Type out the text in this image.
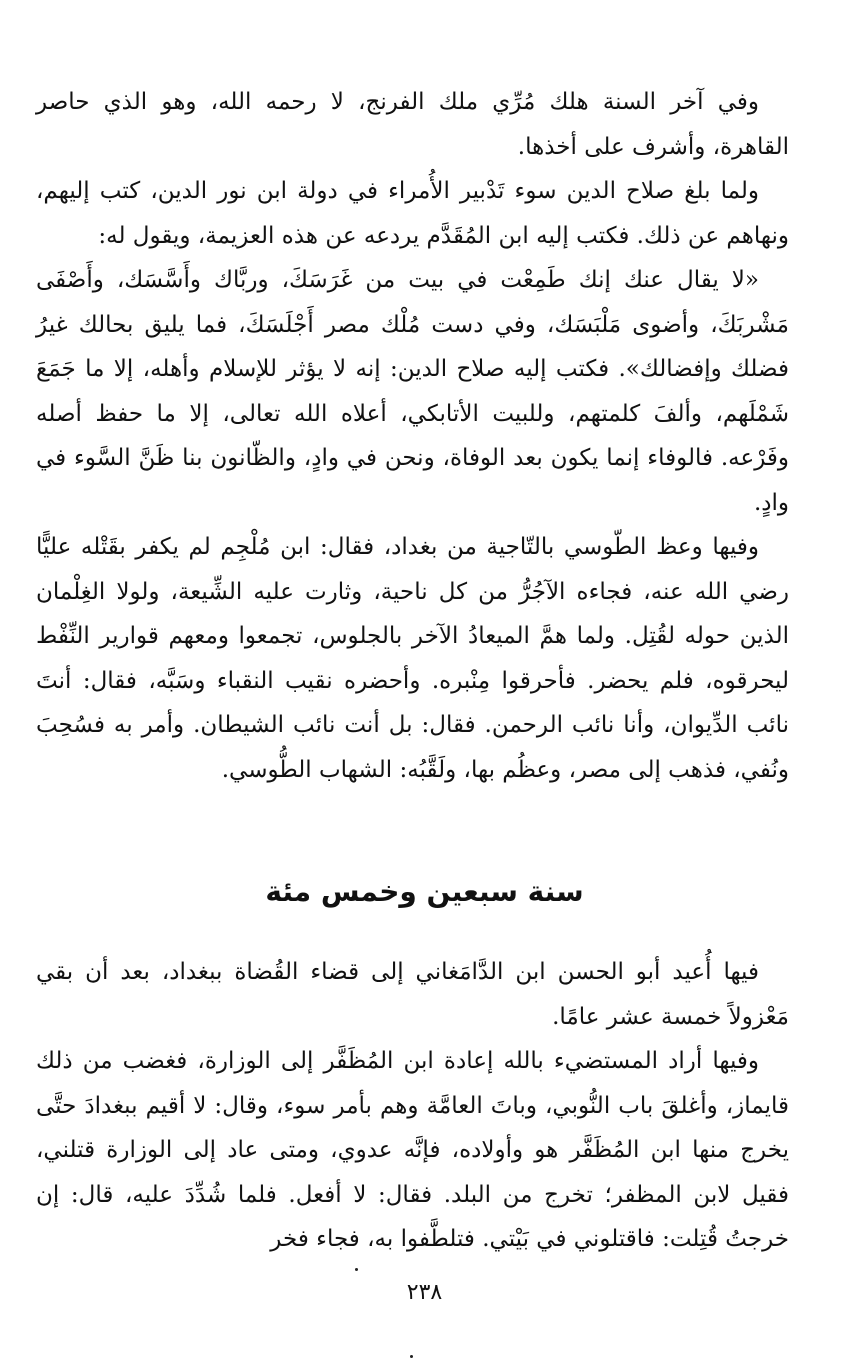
وفي آخر السنة هلك مُرِّي ملك الفرنج، لا رحمه الله، وهو الذي حاصر القاهرة، وأشرف على أخذها.

ولما بلغ صلاح الدين سوء تَدْبير الأُمراء في دولة ابن نور الدين، كتب إليهم، ونهاهم عن ذلك. فكتب إليه ابن المُقَدَّم يردعه عن هذه العزيمة، ويقول له:

«لا يقال عنك إنك طَمِعْت في بيت من غَرَسَكَ، وربَّاك وأَسَّسَك، وأَصْفَى مَشْربَكَ، وأضوى مَلْبَسَك، وفي دست مُلْك مصر أَجْلَسَكَ، فما يليق بحالك غيرُ فضلك وإفضالك». فكتب إليه صلاح الدين: إنه لا يؤثر للإسلام وأهله، إلا ما جَمَعَ شَمْلَهم، وألفَ كلمتهم، وللبيت الأتابكي، أعلاه الله تعالى، إلا ما حفظ أصله وفَرْعه. فالوفاء إنما يكون بعد الوفاة، ونحن في وادٍ، والظّانون بنا ظَنَّ السَّوء في وادٍ.

وفيها وعظ الطّوسي بالتّاجية من بغداد، فقال: ابن مُلْجِم لم يكفر بقَتْله عليًّا رضي الله عنه، فجاءه الآجُرُّ من كل ناحية، وثارت عليه الشِّيعة، ولولا الغِلْمان الذين حوله لقُتِل. ولما همَّ الميعادُ الآخر بالجلوس، تجمعوا ومعهم قوارير النِّفْط ليحرقوه، فلم يحضر. فأحرقوا مِنْبره. وأحضره نقيب النقباء وسَبَّه، فقال: أنتَ نائب الدِّيوان، وأنا نائب الرحمن. فقال: بل أنت نائب الشيطان. وأمر به فسُحِبَ ونُفي، فذهب إلى مصر، وعظُم بها، ولَقَّبُه: الشهاب الطُّوسي.

سنة سبعين وخمس مئة

فيها أُعيد أبو الحسن ابن الدَّامَغاني إلى قضاء القُضاة ببغداد، بعد أن بقي مَعْزولاً خمسة عشر عامًا.

وفيها أراد المستضيء بالله إعادة ابن المُظَفَّر إلى الوزارة، فغضب من ذلك قايماز، وأغلقَ باب النُّوبي، وباتَ العامَّة وهم بأمر سوء، وقال: لا أقيم ببغدادَ حتَّى يخرج منها ابن المُظَفَّر هو وأولاده، فإنَّه عدوي، ومتى عاد إلى الوزارة قتلني، فقيل لابن المظفر؛ تخرج من البلد. فقال: لا أفعل. فلما شُدِّدَ عليه، قال: إن خرجتُ قُتِلت: فاقتلوني في بَيْتي. فتلطَّفوا به، فجاء فخر

٢٣٨
